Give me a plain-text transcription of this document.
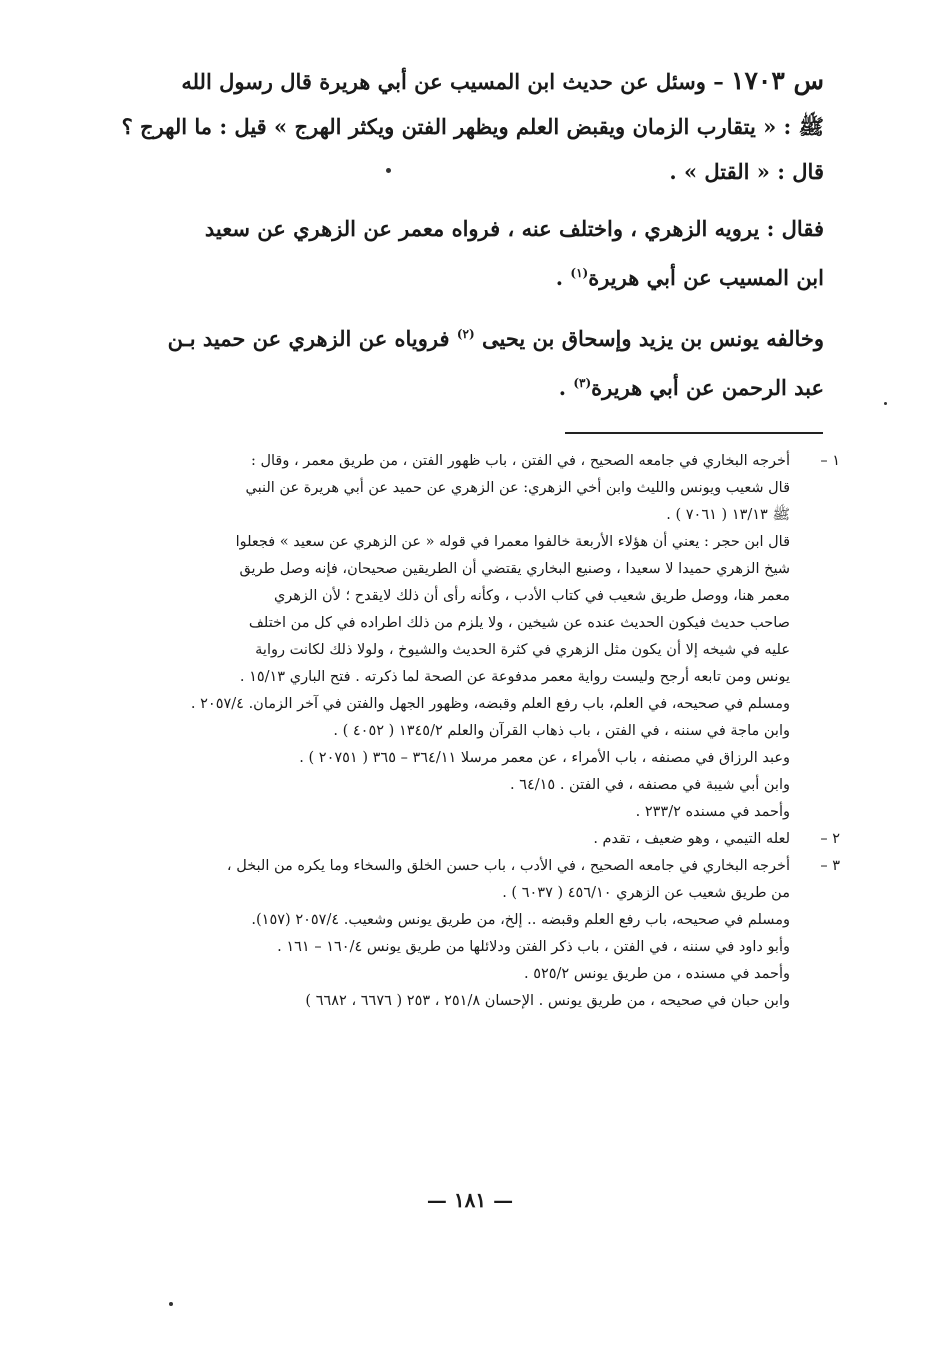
س ١٧٠٣ – وسئل عن حديث ابن المسيب عن أبي هريرة قال رسول الله
ﷺ : « يتقارب الزمان ويقبض العلم ويظهر الفتن ويكثر الهرج » قيل : ما الهرج ؟
قال : « القتل » .

فقال : يرويه الزهري ، واختلف عنه ، فرواه معمر عن الزهري عن سعيد
ابن المسيب عن أبي هريرة$^{(١)}$ .

وخالفه يونس بن يزيد وإسحاق بن يحيى $^{(٢)}$ فروياه عن الزهري عن حميد بـن
عبد الرحمن عن أبي هريرة$^{(٣)}$ .

١ –
أخرجه البخاري في جامعه الصحيح ، في الفتن ، باب ظهور الفتن ، من طريق معمر ، وقال :
قال شعيب ويونس والليث وابن أخي الزهري: عن الزهري عن حميد عن أبي هريرة عن النبي
ﷺ ١٣/١٣ ( ٧٠٦١ ) .
قال ابن حجر : يعني أن هؤلاء الأربعة خالفوا معمرا في قوله « عن الزهري عن سعيد » فجعلوا
شيخ الزهري حميدا لا سعيدا ، وصنيع البخاري يقتضي أن الطريقين صحيحان، فإنه وصل طريق
معمر هنا، ووصل طريق شعيب في كتاب الأدب ، وكأنه رأى أن ذلك لايقدح ؛ لأن الزهري
صاحب حديث فيكون الحديث عنده عن شيخين ، ولا يلزم من ذلك اطراده في كل من اختلف
عليه في شيخه إلا أن يكون مثل الزهري في كثرة الحديث والشيوخ ، ولولا ذلك لكانت رواية
يونس ومن تابعه أرجح وليست رواية معمر مدفوعة عن الصحة لما ذكرته . فتح الباري ١٥/١٣ .
ومسلم في صحيحه، في العلم، باب رفع العلم وقبضه، وظهور الجهل والفتن في آخر الزمان. ٢٠٥٧/٤ .
وابن ماجة في سننه ، في الفتن ، باب ذهاب القرآن والعلم ١٣٤٥/٢ ( ٤٠٥٢ ) .
وعبد الرزاق في مصنفه ، باب الأمراء ، عن معمر مرسلا ٣٦٤/١١ – ٣٦٥ ( ٢٠٧٥١ ) .
وابن أبي شيبة في مصنفه ، في الفتن . ٦٤/١٥ .
وأحمد في مسنده ٢٣٣/٢ .
٢ –
لعله التيمي ، وهو ضعيف ، تقدم .
٣ –
أخرجه البخاري في جامعه الصحيح ، في الأدب ، باب حسن الخلق والسخاء وما يكره من البخل ،
من طريق شعيب عن الزهري ٤٥٦/١٠ ( ٦٠٣٧ ) .
ومسلم في صحيحه، باب رفع العلم وقبضه .. إلخ، من طريق يونس وشعيب. ٢٠٥٧/٤ (١٥٧).
وأبو داود في سننه ، في الفتن ، باب ذكر الفتن ودلائلها من طريق يونس ١٦٠/٤ – ١٦١ .
وأحمد في مسنده ، من طريق يونس ٥٢٥/٢ .
وابن حبان في صحيحه ، من طريق يونس . الإحسان ٢٥١/٨ ، ٢٥٣ ( ٦٦٧٦ ، ٦٦٨٢ )
— ١٨١ —
